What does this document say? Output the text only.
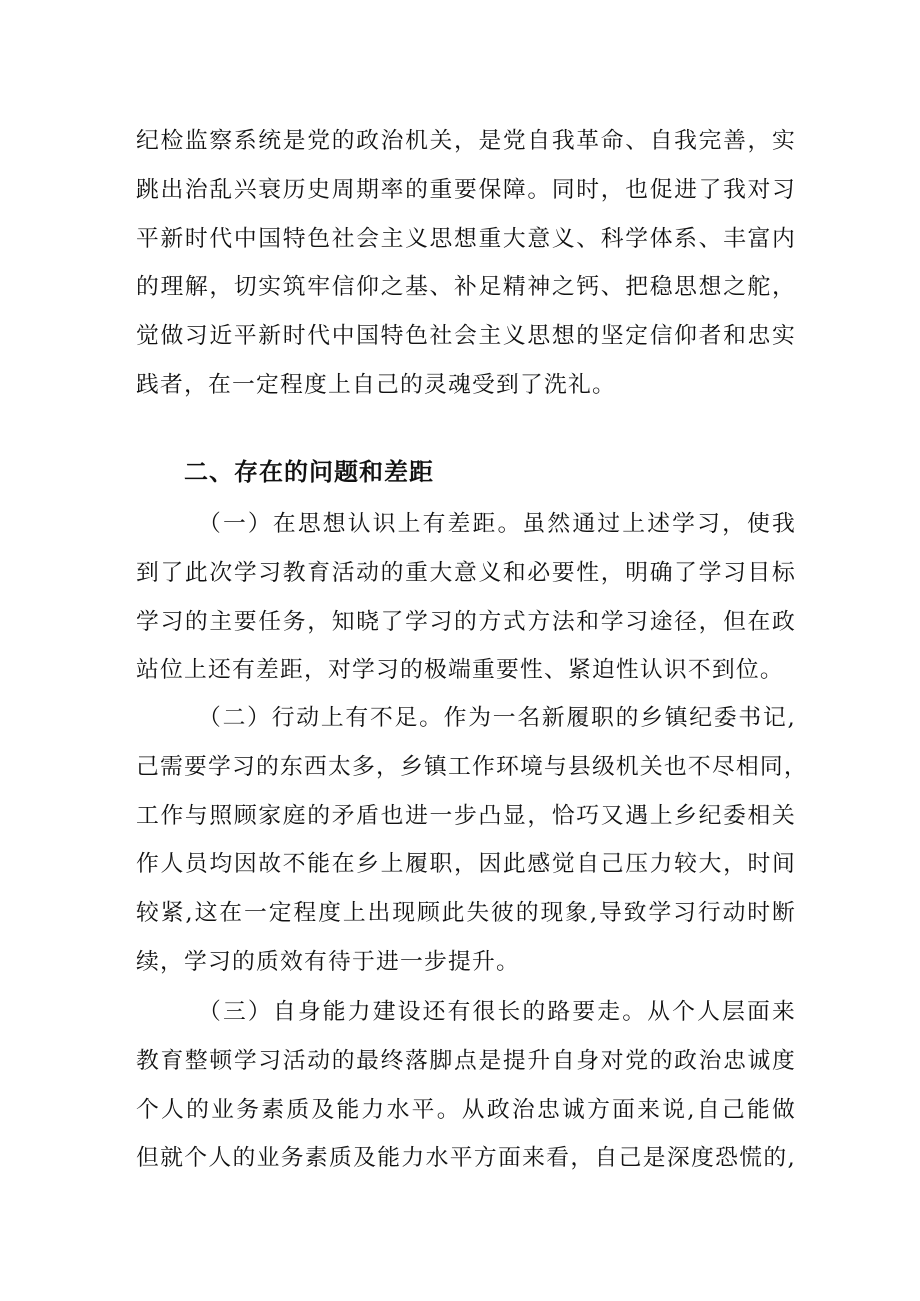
纪检监察系统是党的政治机关，是党自我革命、自我完善，实
跳出治乱兴衰历史周期率的重要保障。同时，也促进了我对习
平新时代中国特色社会主义思想重大意义、科学体系、丰富内
的理解，切实筑牢信仰之基、补足精神之钙、把稳思想之舵，
觉做习近平新时代中国特色社会主义思想的坚定信仰者和忠实
践者，在一定程度上自己的灵魂受到了洗礼。
二、存在的问题和差距
（一）在思想认识上有差距。虽然通过上述学习，使我
到了此次学习教育活动的重大意义和必要性，明确了学习目标
学习的主要任务，知晓了学习的方式方法和学习途径，但在政
站位上还有差距，对学习的极端重要性、紧迫性认识不到位。
（二）行动上有不足。作为一名新履职的乡镇纪委书记,
己需要学习的东西太多，乡镇工作环境与县级机关也不尽相同，
工作与照顾家庭的矛盾也进一步凸显，恰巧又遇上乡纪委相关
作人员均因故不能在乡上履职，因此感觉自己压力较大，时间
较紧,这在一定程度上出现顾此失彼的现象,导致学习行动时断
续，学习的质效有待于进一步提升。
（三）自身能力建设还有很长的路要走。从个人层面来
教育整顿学习活动的最终落脚点是提升自身对党的政治忠诚度
个人的业务素质及能力水平。从政治忠诚方面来说,自己能做
但就个人的业务素质及能力水平方面来看，自己是深度恐慌的,
